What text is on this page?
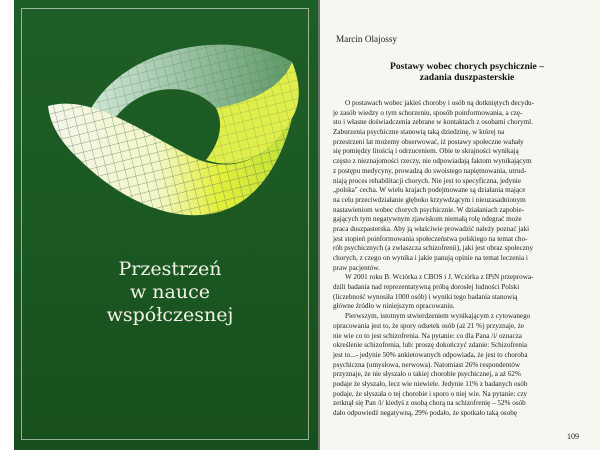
Przestrzeń
w nauce
współczesnej
Marcin Olajossy
Postawy wobec chorych psychicznie –
zadania duszpasterskie
O postawach wobec jakieś choroby i osób ną dotkniętych decydu-
je zasób wiedzy o tym schorzeniu, sposób poinformowania, a czę-
sto i własne doświadczenia zebrane w kontaktach z osobami choryml.
Zaburzenia psychiczne stanowią taką dziedzinę, w której na
przestrzeni lat możemy obserwować, iż postawy społeczne wahały
się pomiędzy litością i odrzuceniem. Obie te skrajności wynikają
często z nieznajomości rzeczy, nie odpowiadają faktom wynikającym
z postępu medycyny, prowadzą do swoistego napiętnowania, utrud-
niają proces rehabilitacji chorych. Nie jest to specyficzna, jedynie
„polska" cecha. W wielu krajach podejmowane są działania mające
na celu przeciwdziałanie głęboko krzywdzącym i nieuzasadnionym
nastawieniom wobec chorych psychicznie. W działaniach zapobie-
gających tym negatywnym zjawiskom niemałą rolę odegrać może
praca duszpasterska. Aby ją właściwie prowadzić należy poznać jaki
jest stopień poinformowania społeczeństwa polskiego na temat cho-
rób psychicznych (a zwłaszcza schizofrenii), jaki jest obraz społeczny
chorych, z czego on wynika i jakie panują opinie na temat leczenia i
praw pacjentów.
W 2001 roku B. Wciórka z CBOS i J. Wciórka z IPiN przeprowa-
dzili badania nad reprezentatywną próbą dorosłej ludności Polski
(liczebność wynosiła 1000 osób) i wyniki tego badania stanowią
główne źródło w niniejszym opracowaniu.
Pierwszym, istotnym stwierdzeniem wynikającym z cytowanego
opracowania jest to, że spory odsetek osób (aż 21 %) przyznaje, że
nie wie co to jest schizofrenia. Na pytanie: co dla Pana /i/ oznacza
określenie schizofrenia, lub: proszę dokończyć zdanie: Schizofrenia
jest to...- jedynie 50% ankietowanych odpowiada, że jest to choroba
psychiczna (umysłowa, nerwowa). Natomiast 26% respondentów
przyznaje, że nie słyszało o takiej chorobie psychicznej, a aż 62%
podaje że słyszało, lecz wie niewiele. Jedynie 11% z badanych osób
podaje, że słyszała o tej chorobie i sporo o niej wie. Na pytanie: czy
zetknął się Pan /i/ kiedyś z osobą chorą na schizofrenię – 52% osób
dało odpowiedź negatywną, 29% podało, że spotkało taką osobę
109
